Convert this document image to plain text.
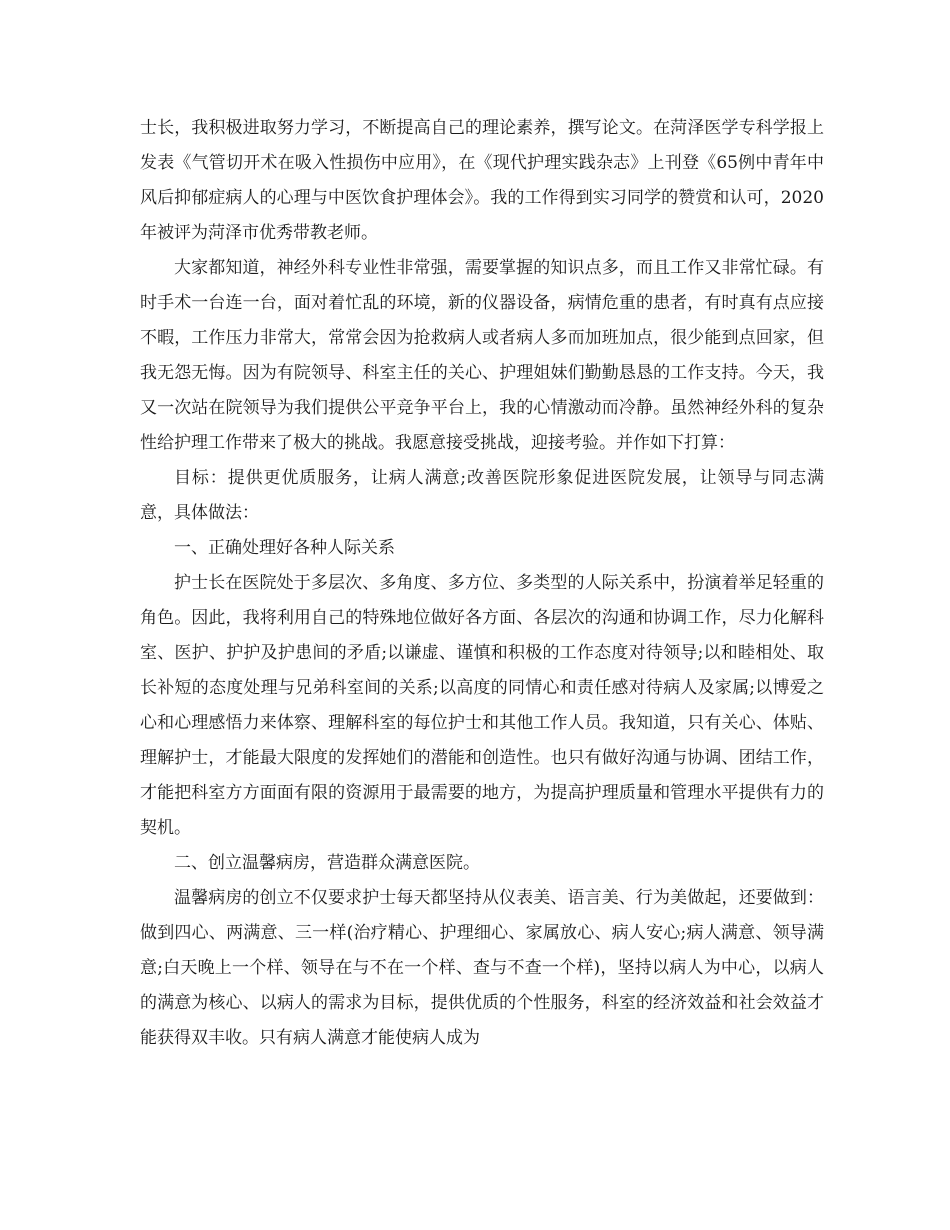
士长，我积极进取努力学习，不断提高自己的理论素养，撰写论文。在菏泽医学专科学报上发表《气管切开术在吸入性损伤中应用》，在《现代护理实践杂志》上刊登《65例中青年中风后抑郁症病人的心理与中医饮食护理体会》。我的工作得到实习同学的赞赏和认可，2020年被评为菏泽市优秀带教老师。

大家都知道，神经外科专业性非常强，需要掌握的知识点多，而且工作又非常忙碌。有时手术一台连一台，面对着忙乱的环境，新的仪器设备，病情危重的患者，有时真有点应接不暇，工作压力非常大，常常会因为抢救病人或者病人多而加班加点，很少能到点回家，但我无怨无悔。因为有院领导、科室主任的关心、护理姐妹们勤勤恳恳的工作支持。今天，我又一次站在院领导为我们提供公平竞争平台上，我的心情激动而冷静。虽然神经外科的复杂性给护理工作带来了极大的挑战。我愿意接受挑战，迎接考验。并作如下打算：

目标：提供更优质服务，让病人满意;改善医院形象促进医院发展，让领导与同志满意，具体做法：

一、正确处理好各种人际关系

护士长在医院处于多层次、多角度、多方位、多类型的人际关系中，扮演着举足轻重的角色。因此，我将利用自己的特殊地位做好各方面、各层次的沟通和协调工作，尽力化解科室、医护、护护及护患间的矛盾;以谦虚、谨慎和积极的工作态度对待领导;以和睦相处、取长补短的态度处理与兄弟科室间的关系;以高度的同情心和责任感对待病人及家属;以博爱之心和心理感悟力来体察、理解科室的每位护士和其他工作人员。我知道，只有关心、体贴、理解护士，才能最大限度的发挥她们的潜能和创造性。也只有做好沟通与协调、团结工作，才能把科室方方面面有限的资源用于最需要的地方，为提高护理质量和管理水平提供有力的契机。

二、创立温馨病房，营造群众满意医院。

温馨病房的创立不仅要求护士每天都坚持从仪表美、语言美、行为美做起，还要做到：做到四心、两满意、三一样(治疗精心、护理细心、家属放心、病人安心;病人满意、领导满意;白天晚上一个样、领导在与不在一个样、查与不查一个样)，坚持以病人为中心，以病人的满意为核心、以病人的需求为目标，提供优质的个性服务，科室的经济效益和社会效益才能获得双丰收。只有病人满意才能使病人成为
